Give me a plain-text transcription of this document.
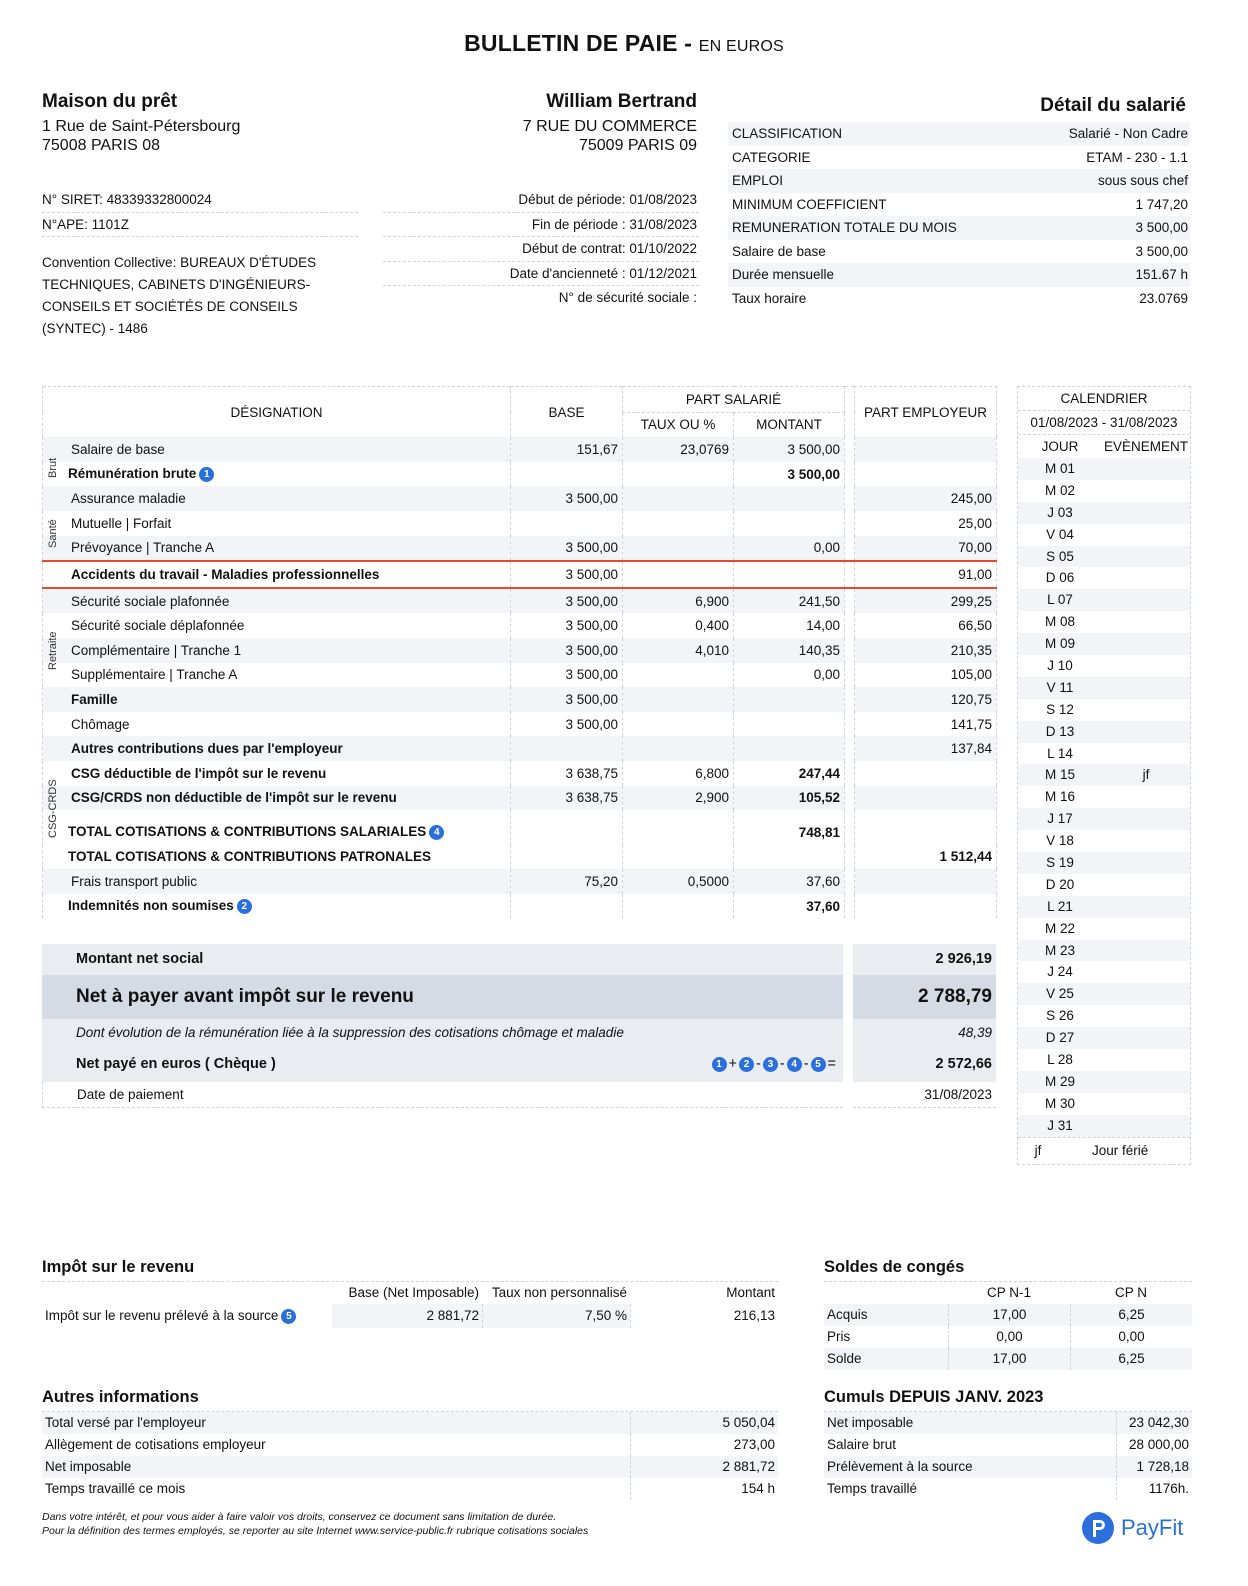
BULLETIN DE PAIE - EN EUROS
Maison du prêt
1 Rue de Saint-Pétersbourg
75008 PARIS 08
N° SIRET: 48339332800024
N°APE: 1101Z
Convention Collective: BUREAUX D'ÉTUDES TECHNIQUES, CABINETS D'INGÉNIEURS-CONSEILS ET SOCIÉTÉS DE CONSEILS (SYNTEC) - 1486
William Bertrand
7 RUE DU COMMERCE
75009 PARIS 09
Début de période: 01/08/2023
Fin de période : 31/08/2023
Début de contrat: 01/10/2022
Date d'ancienneté : 01/12/2021
N° de sécurité sociale :
Détail du salarié
CLASSIFICATION	Salarié - Non Cadre
CATEGORIE	ETAM - 230 - 1.1
EMPLOI	sous sous chef
MINIMUM COEFFICIENT	1 747,20
REMUNERATION TOTALE DU MOIS	3 500,00
Salaire de base	3 500,00
Durée mensuelle	151.67 h
Taux horaire	23.0769
DÉSIGNATION	BASE	PART SALARIÉ			PART EMPLOYEUR
		TAUX OU %	MONTANT		
Salaire de base	151,67	23,0769	3 500,00		
Rémunération brute 1			3 500,00		
Assurance maladie	3 500,00				245,00
Mutuelle | Forfait					25,00
Prévoyance | Tranche A	3 500,00		0,00		70,00
Accidents du travail - Maladies professionnelles	3 500,00				91,00
Sécurité sociale plafonnée	3 500,00	6,900	241,50		299,25
Sécurité sociale déplafonnée	3 500,00	0,400	14,00		66,50
Complémentaire | Tranche 1	3 500,00	4,010	140,35		210,35
Supplémentaire | Tranche A	3 500,00		0,00		105,00
Famille	3 500,00				120,75
Chômage	3 500,00				141,75
Autres contributions dues par l'employeur					137,84
CSG déductible de l'impôt sur le revenu	3 638,75	6,800	247,44		
CSG/CRDS non déductible de l'impôt sur le revenu	3 638,75	2,900	105,52		
TOTAL COTISATIONS & CONTRIBUTIONS SALARIALES 4			748,81		
TOTAL COTISATIONS & CONTRIBUTIONS PATRONALES					1 512,44
Frais transport public	75,20	0,5000	37,60		
Indemnités non soumises 2			37,60		
Brut
Santé
Retraite
CSG-CRDS
Montant net social	2 926,19
Net à payer avant impôt sur le revenu	2 788,79
Dont évolution de la rémunération liée à la suppression des cotisations chômage et maladie	48,39
Net payé en euros ( Chèque )	1 + 2 - 3 - 4 - 5 =	2 572,66
Date de paiement	31/08/2023
CALENDRIER
01/08/2023 - 31/08/2023
JOUR	EVÈNEMENT
M 01
M 02
J 03
V 04
S 05
D 06
L 07
M 08
M 09
J 10
V 11
S 12
D 13
L 14
M 15	jf
M 16
J 17
V 18
S 19
D 20
L 21
M 22
M 23
J 24
V 25
S 26
D 27
L 28
M 29
M 30
J 31
jf	Jour férié
Impôt sur le revenu
Base (Net Imposable) Taux non personnalisé	Montant
Impôt sur le revenu prélevé à la source 5	2 881,72	7,50 %	216,13
Autres informations
Total versé par l'employeur	5 050,04
Allègement de cotisations employeur	273,00
Net imposable	2 881,72
Temps travaillé ce mois	154 h
Soldes de congés
CP N-1	CP N
Acquis	17,00	6,25
Pris	0,00	0,00
Solde	17,00	6,25
Cumuls DEPUIS JANV. 2023
Net imposable	23 042,30
Salaire brut	28 000,00
Prélèvement à la source	1 728,18
Temps travaillé	1176h.
Dans votre intérêt, et pour vous aider à faire valoir vos droits, conservez ce document sans limitation de durée.
Pour la définition des termes employés, se reporter au site Internet www.service-public.fr rubrique cotisations sociales	PayFit
